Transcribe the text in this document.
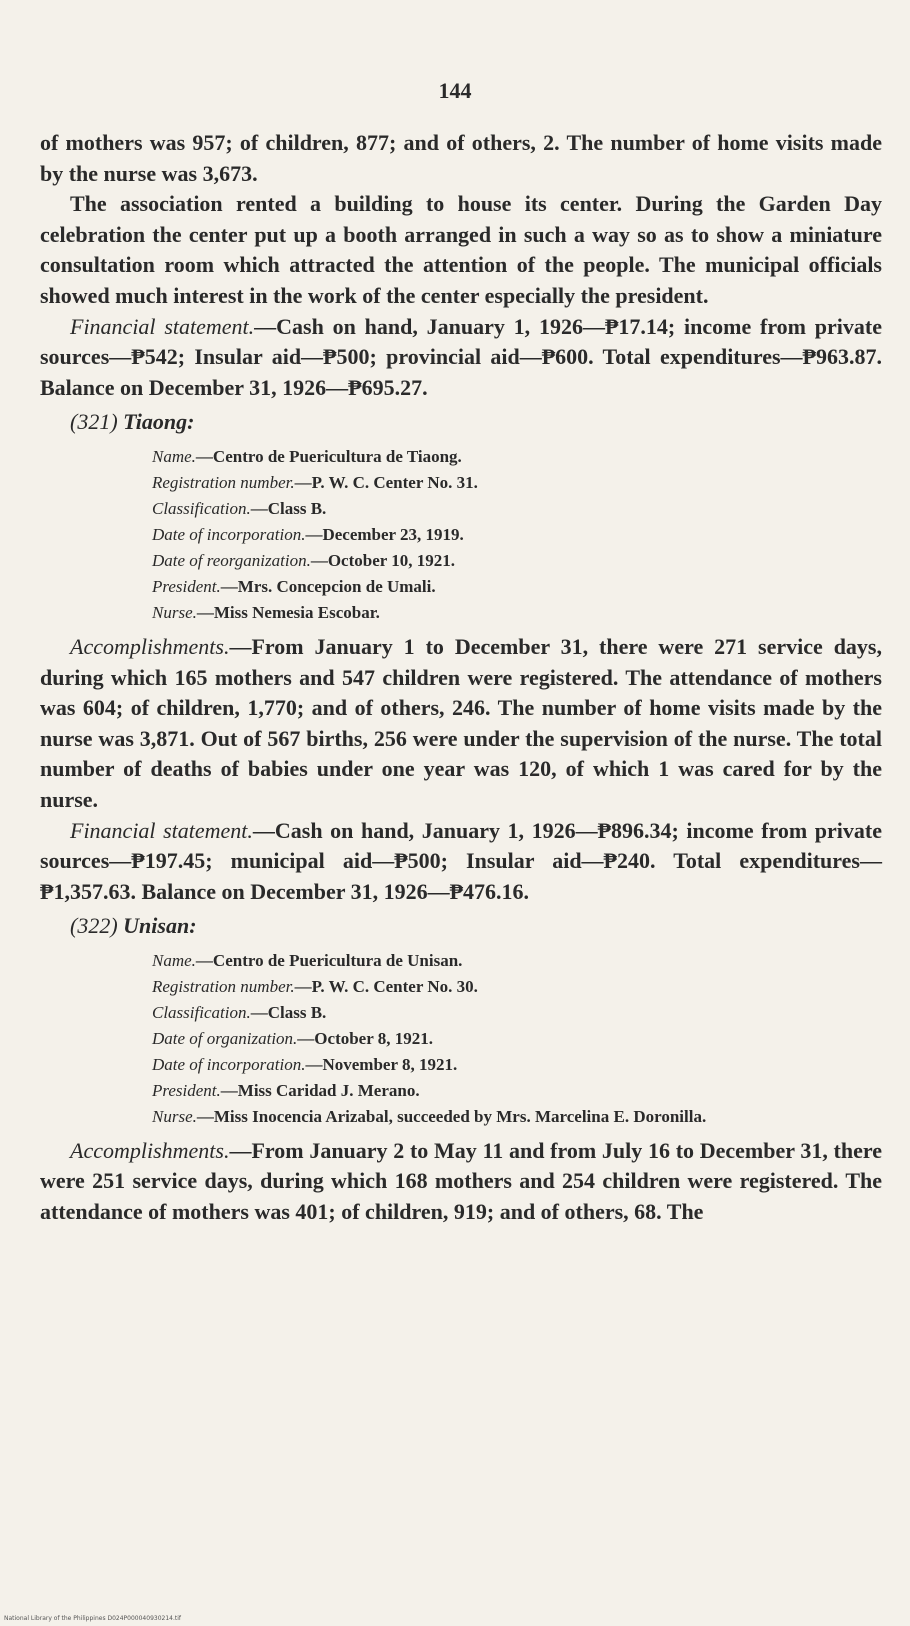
144

of mothers was 957; of children, 877; and of others, 2. The number of home visits made by the nurse was 3,673.

The association rented a building to house its center. During the Garden Day celebration the center put up a booth arranged in such a way so as to show a miniature consultation room which attracted the attention of the people. The municipal officials showed much interest in the work of the center especially the president.

Financial statement.—Cash on hand, January 1, 1926—₱17.14; income from private sources—₱542; Insular aid—₱500; provincial aid—₱600. Total expenditures—₱963.87. Balance on December 31, 1926—₱695.27.

(321) Tiaong:
Name.—Centro de Puericultura de Tiaong.
Registration number.—P. W. C. Center No. 31.
Classification.—Class B.
Date of incorporation.—December 23, 1919.
Date of reorganization.—October 10, 1921.
President.—Mrs. Concepcion de Umali.
Nurse.—Miss Nemesia Escobar.

Accomplishments.—From January 1 to December 31, there were 271 service days, during which 165 mothers and 547 children were registered. The attendance of mothers was 604; of children, 1,770; and of others, 246. The number of home visits made by the nurse was 3,871. Out of 567 births, 256 were under the supervision of the nurse. The total number of deaths of babies under one year was 120, of which 1 was cared for by the nurse.

Financial statement.—Cash on hand, January 1, 1926—₱896.34; income from private sources—₱197.45; municipal aid—₱500; Insular aid—₱240. Total expenditures—₱1,357.63. Balance on December 31, 1926—₱476.16.

(322) Unisan:
Name.—Centro de Puericultura de Unisan.
Registration number.—P. W. C. Center No. 30.
Classification.—Class B.
Date of organization.—October 8, 1921.
Date of incorporation.—November 8, 1921.
President.—Miss Caridad J. Merano.
Nurse.—Miss Inocencia Arizabal, succeeded by Mrs. Marcelina E. Doronilla.

Accomplishments.—From January 2 to May 11 and from July 16 to December 31, there were 251 service days, during which 168 mothers and 254 children were registered. The attendance of mothers was 401; of children, 919; and of others, 68. The

National Library of the Philippines D024P000040930214.tif
